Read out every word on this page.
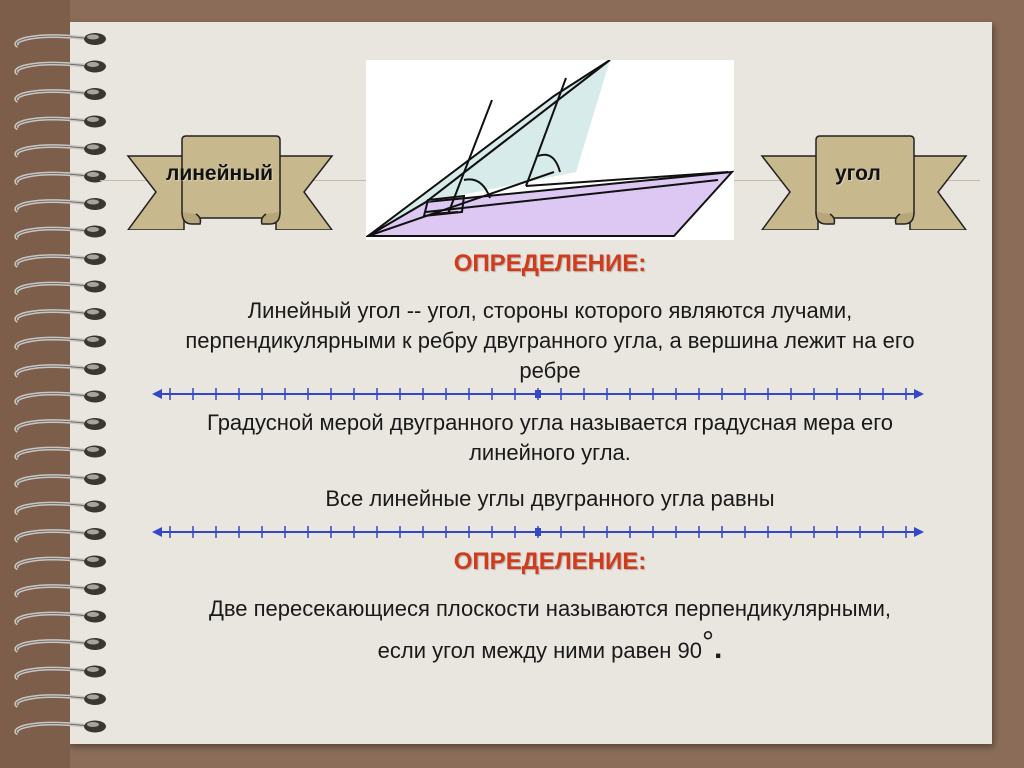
линейный	угол
ОПРЕДЕЛЕНИЕ:
Линейный угол -- угол, стороны которого являются лучами,
перпендикулярными к ребру двугранного угла, а вершина лежит на его
ребре
Градусной мерой двугранного угла называется градусная мера его
линейного угла.
Все линейные углы двугранного угла равны
ОПРЕДЕЛЕНИЕ:
Две пересекающиеся плоскости называются перпендикулярными,
если угол между ними равен 90°.
